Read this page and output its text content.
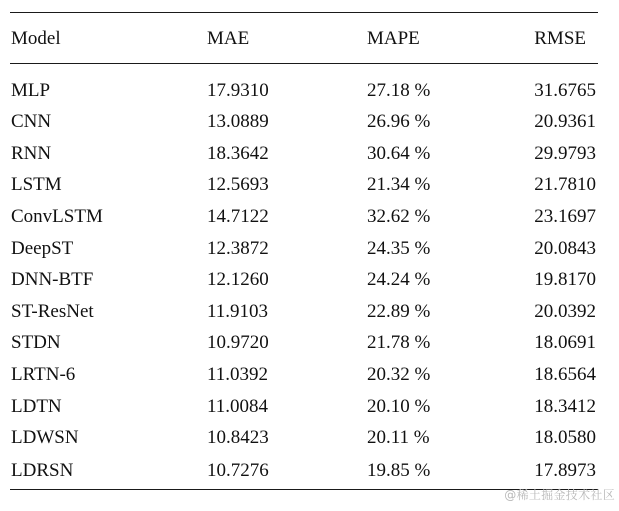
Model	MAE	MAPE	RMSE
MLP	17.9310	27.18 %	31.6765
CNN	13.0889	26.96 %	20.9361
RNN	18.3642	30.64 %	29.9793
LSTM	12.5693	21.34 %	21.7810
ConvLSTM	14.7122	32.62 %	23.1697
DeepST	12.3872	24.35 %	20.0843
DNN-BTF	12.1260	24.24 %	19.8170
ST-ResNet	11.9103	22.89 %	20.0392
STDN	10.9720	21.78 %	18.0691
LRTN-6	11.0392	20.32 %	18.6564
LDTN	11.0084	20.10 %	18.3412
LDWSN	10.8423	20.11 %	18.0580
LDRSN	10.7276	19.85 %	17.8973
@稀土掘金技术社区
